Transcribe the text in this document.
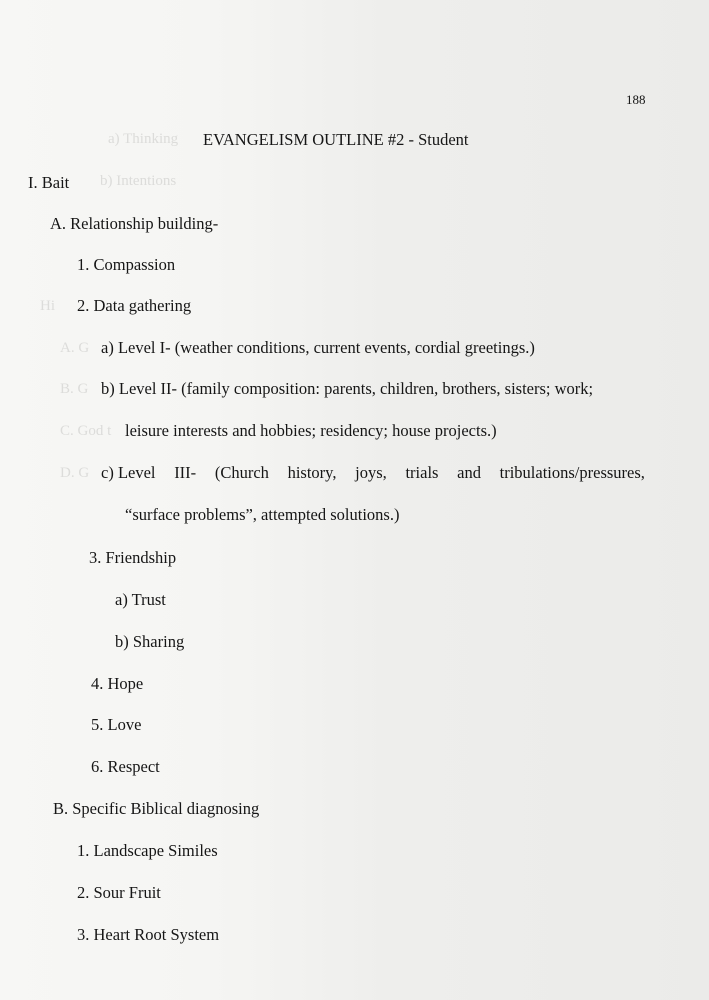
a) Thinking
b) Intentions
Hi
A. G
B. G
C. God t
D. G
188
EVANGELISM OUTLINE #2 - Student
I. Bait
A. Relationship building-
1. Compassion
2. Data gathering
a) Level I- (weather conditions, current events, cordial greetings.)
b) Level II- (family composition: parents, children, brothers, sisters; work;
leisure interests and hobbies; residency; house projects.)
c) Level III- (Church history, joys, trials and tribulations/pressures,
“surface problems”, attempted solutions.)
3. Friendship
a) Trust
b) Sharing
4. Hope
5. Love
6. Respect
B. Specific Biblical diagnosing
1. Landscape Similes
2. Sour Fruit
3. Heart Root System
